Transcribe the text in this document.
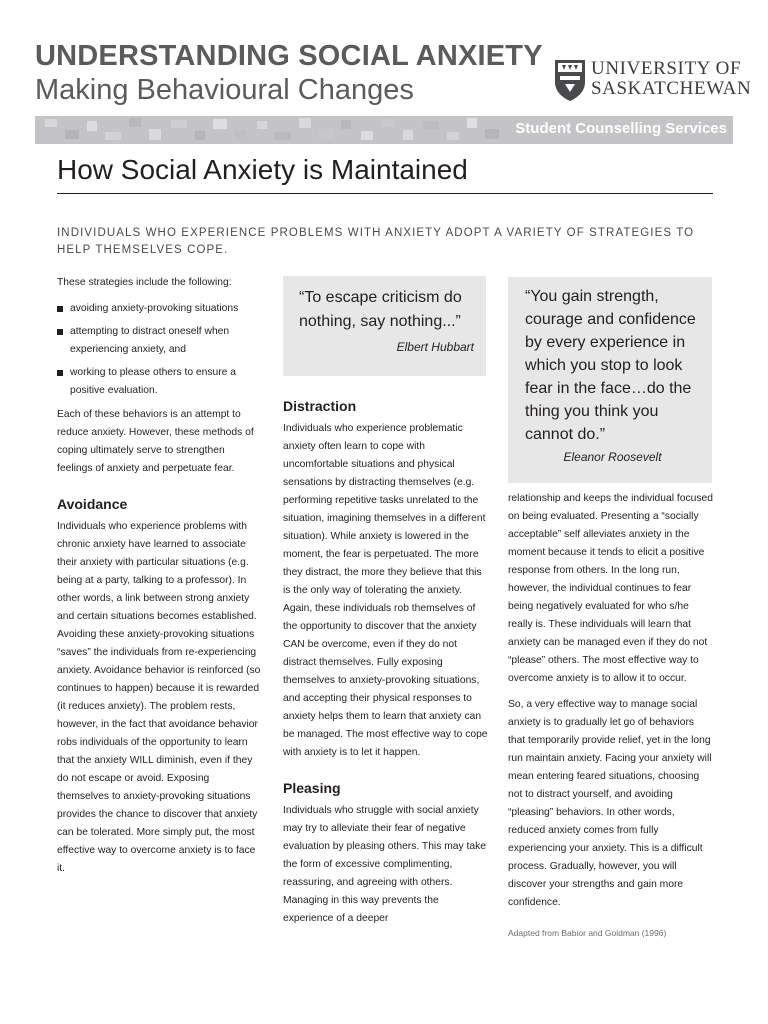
UNDERSTANDING SOCIAL ANXIETY
Making Behavioural Changes
UNIVERSITY OF
SASKATCHEWAN
Student Counselling Services
How Social Anxiety is Maintained

INDIVIDUALS WHO EXPERIENCE PROBLEMS WITH ANXIETY ADOPT A VARIETY OF STRATEGIES TO HELP THEMSELVES COPE.

These strategies include the following:

avoiding anxiety-provoking situations
attempting to distract oneself when experiencing anxiety, and
working to please others to ensure a positive evaluation.

Each of these behaviors is an attempt to reduce anxiety. However, these methods of coping ultimately serve to strengthen feelings of anxiety and perpetuate fear.

Avoidance

Individuals who experience problems with chronic anxiety have learned to associate their anxiety with particular situations (e.g. being at a party, talking to a professor). In other words, a link between strong anxiety and certain situations becomes established. Avoiding these anxiety-provoking situations “saves” the individuals from re-experiencing anxiety. Avoidance behavior is reinforced (so continues to happen) because it is rewarded (it reduces anxiety). The problem rests, however, in the fact that avoidance behavior robs individuals of the opportunity to learn that the anxiety WILL diminish, even if they do not escape or avoid. Exposing themselves to anxiety-provoking situations provides the chance to discover that anxiety can be tolerated. More simply put, the most effective way to overcome anxiety is to face it.

“To escape criticism do nothing, say nothing...”

Elbert Hubbart

Distraction

Individuals who experience problematic anxiety often learn to cope with uncomfortable situations and physical sensations by distracting themselves (e.g. performing repetitive tasks unrelated to the situation, imagining themselves in a different situation). While anxiety is lowered in the moment, the fear is perpetuated. The more they distract, the more they believe that this is the only way of tolerating the anxiety. Again, these individuals rob themselves of the opportunity to discover that the anxiety CAN be overcome, even if they do not distract themselves. Fully exposing themselves to anxiety-provoking situations, and accepting their physical responses to anxiety helps them to learn that anxiety can be managed. The most effective way to cope with anxiety is to let it happen.

Pleasing

Individuals who struggle with social anxiety may try to alleviate their fear of negative evaluation by pleasing others. This may take the form of excessive complimenting, reassuring, and agreeing with others. Managing in this way prevents the experience of a deeper

“You gain strength, courage and confidence by every experience in which you stop to look fear in the face…do the thing you think you cannot do.”

Eleanor Roosevelt

relationship and keeps the individual focused on being evaluated. Presenting a “socially acceptable” self alleviates anxiety in the moment because it tends to elicit a positive response from others. In the long run, however, the individual continues to fear being negatively evaluated for who s/he really is. These individuals will learn that anxiety can be managed even if they do not “please” others. The most effective way to overcome anxiety is to allow it to occur.

So, a very effective way to manage social anxiety is to gradually let go of behaviors that temporarily provide relief, yet in the long run maintain anxiety. Facing your anxiety will mean entering feared situations, choosing not to distract yourself, and avoiding “pleasing” behaviors. In other words, reduced anxiety comes from fully experiencing your anxiety. This is a difficult process. Gradually, however, you will discover your strengths and gain more confidence.

Adapted from Babior and Goldman (1996)
